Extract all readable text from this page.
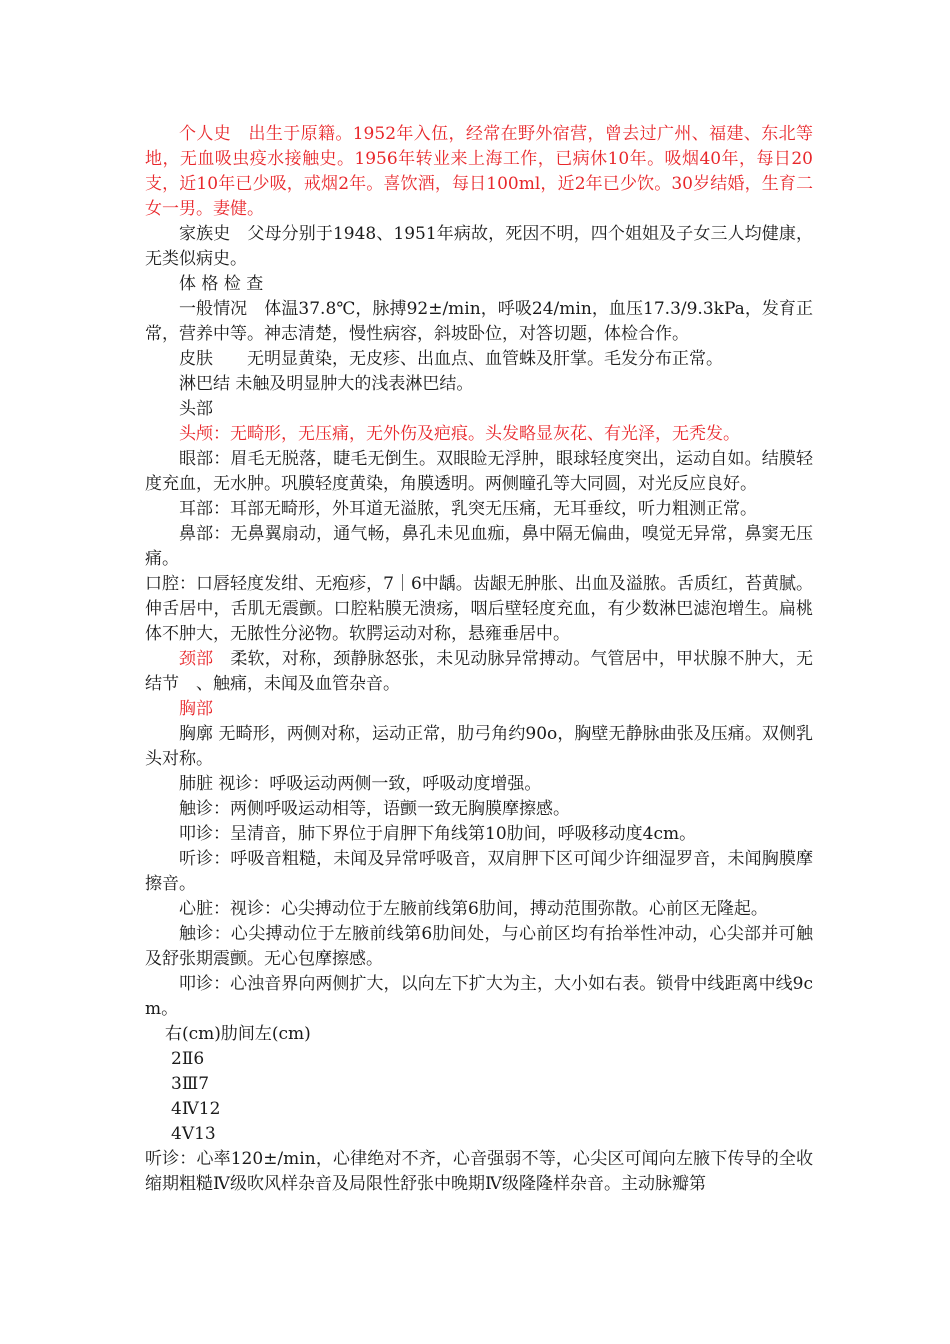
个人史　出生于原籍。1952年入伍，经常在野外宿营，曾去过广州、福建、东北等地，无血吸虫疫水接触史。1956年转业来上海工作，已病休10年。吸烟40年，每日20支，近10年已少吸，戒烟2年。喜饮酒，每日100ml，近2年已少饮。30岁结婚，生育二女一男。妻健。

家族史　父母分别于1948、1951年病故，死因不明，四个姐姐及子女三人均健康，无类似病史。

体 格 检 查

一般情况　体温37.8℃，脉搏92±/min，呼吸24/min，血压17.3/9.3kPa，发育正常，营养中等。神志清楚，慢性病容，斜坡卧位，对答切题，体检合作。

皮肤　　无明显黄染，无皮疹、出血点、血管蛛及肝掌。毛发分布正常。

淋巴结 未触及明显肿大的浅表淋巴结。

头部

头颅：无畸形，无压痛，无外伤及疤痕。头发略显灰花、有光泽，无秃发。

眼部：眉毛无脱落，睫毛无倒生。双眼睑无浮肿，眼球轻度突出，运动自如。结膜轻度充血，无水肿。巩膜轻度黄染，角膜透明。两侧瞳孔等大同圆，对光反应良好。

耳部：耳部无畸形，外耳道无溢脓，乳突无压痛，无耳垂纹，听力粗测正常。

鼻部：无鼻翼扇动，通气畅，鼻孔未见血痂，鼻中隔无偏曲，嗅觉无异常，鼻窦无压痛。

口腔：口唇轻度发绀、无疱疹，7｜6中龋。齿龈无肿胀、出血及溢脓。舌质红，苔黄腻。伸舌居中，舌肌无震颤。口腔粘膜无溃疡，咽后壁轻度充血，有少数淋巴滤泡增生。扁桃体不肿大，无脓性分泌物。软腭运动对称，悬雍垂居中。

颈部　柔软，对称，颈静脉怒张，未见动脉异常搏动。气管居中，甲状腺不肿大，无结节　、触痛，未闻及血管杂音。

胸部

胸廓 无畸形，两侧对称，运动正常，肋弓角约90o，胸壁无静脉曲张及压痛。双侧乳头对称。

肺脏 视诊：呼吸运动两侧一致，呼吸动度增强。

触诊：两侧呼吸运动相等，语颤一致无胸膜摩擦感。

叩诊：呈清音，肺下界位于肩胛下角线第10肋间，呼吸移动度4cm。

听诊：呼吸音粗糙，未闻及异常呼吸音，双肩胛下区可闻少许细湿罗音，未闻胸膜摩擦音。

心脏：视诊：心尖搏动位于左腋前线第6肋间，搏动范围弥散。心前区无隆起。

触诊：心尖搏动位于左腋前线第6肋间处，与心前区均有抬举性冲动，心尖部并可触及舒张期震颤。无心包摩擦感。

叩诊：心浊音界向两侧扩大，以向左下扩大为主，大小如右表。锁骨中线距离中线9cm。

右(cm)肋间左(cm)

2Ⅱ6

3Ⅲ7

4Ⅳ12

4Ⅴ13

听诊：心率120±/min，心律绝对不齐，心音强弱不等，心尖区可闻向左腋下传导的全收缩期粗糙Ⅳ级吹风样杂音及局限性舒张中晚期Ⅳ级隆隆样杂音。主动脉瓣第
